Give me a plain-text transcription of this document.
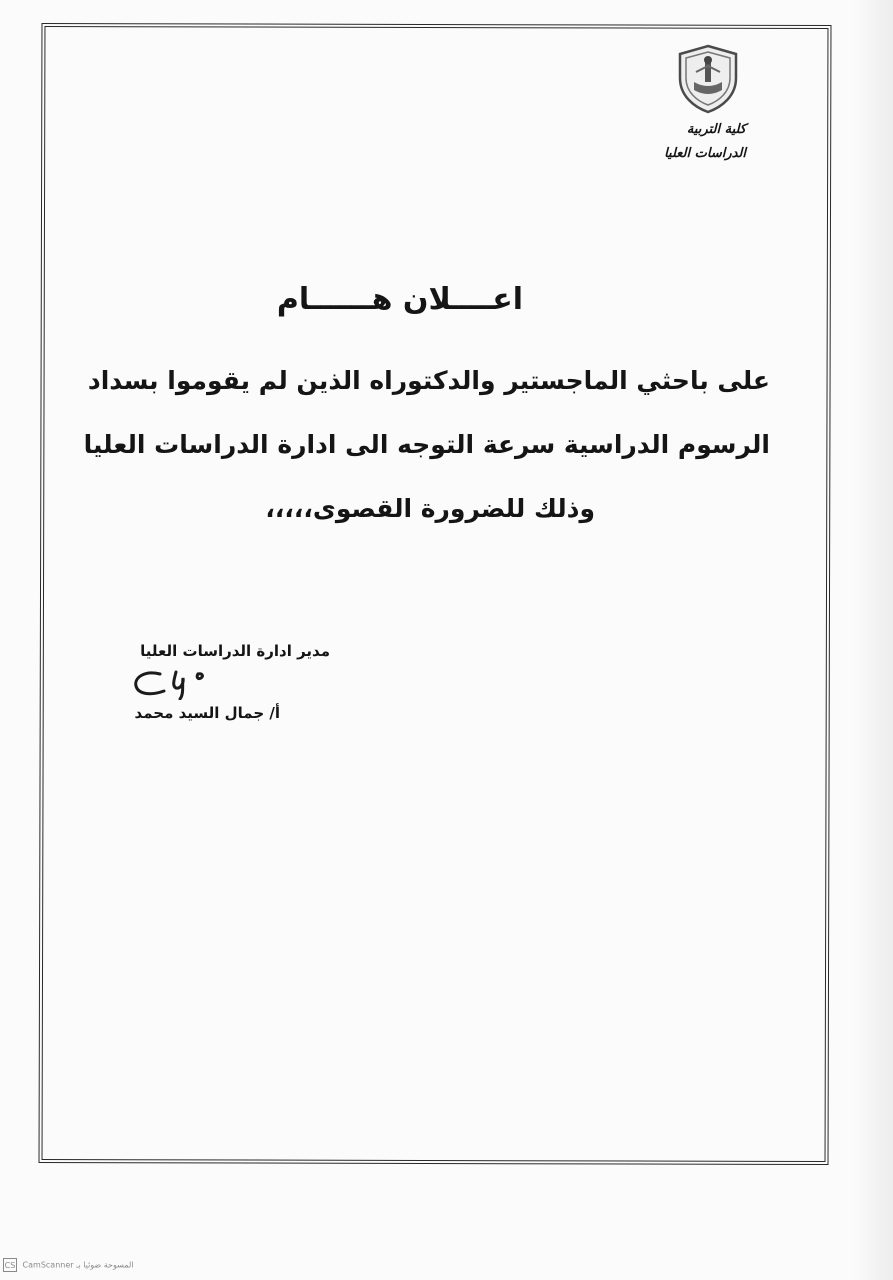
كلية التربية
الدراسات العليا
اعــــلان هــــــام
على باحثي الماجستير والدكتوراه الذين لم يقوموا بسداد
الرسوم الدراسية سرعة التوجه الى ادارة الدراسات العليا
وذلك للضرورة القصوى،،،،،
مدير ادارة الدراسات العليا
أ/ جمال السيد محمد
CS CamScanner المسوحة ضوئيا بـ
